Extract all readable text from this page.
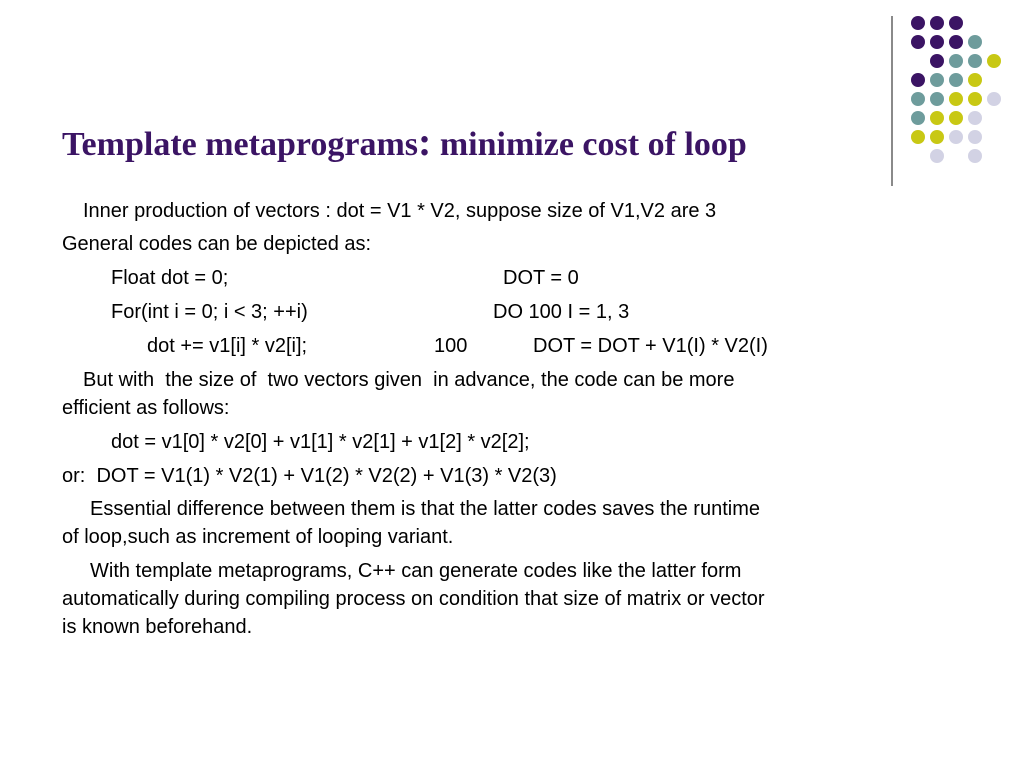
Template metaprograms: minimize cost of loop

Inner production of vectors : dot = V1 * V2, suppose size of V1,V2 are 3

General codes can be depicted as:

Float dot = 0;	DOT = 0

For(int i = 0; i < 3; ++i)	DO 100 I = 1, 3

dot += v1[i] * v2[i];	100	DOT = DOT + V1(I) * V2(I)

But with  the size of  two vectors given  in advance, the code can be more

efficient as follows:

dot = v1[0] * v2[0] + v1[1] * v2[1] + v1[2] * v2[2];

or:  DOT = V1(1) * V2(1) + V1(2) * V2(2) + V1(3) * V2(3)

Essential difference between them is that the latter codes saves the runtime

of loop,such as increment of looping variant.

With template metaprograms, C++ can generate codes like the latter form

automatically during compiling process on condition that size of matrix or vector

is known beforehand.
